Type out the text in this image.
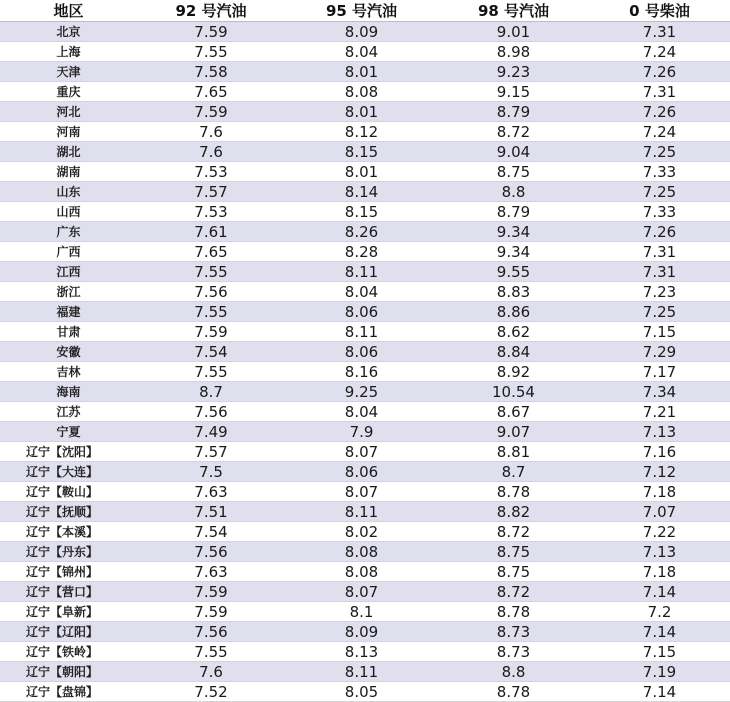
地区	92 号汽油	95 号汽油	98 号汽油	0 号柴油
北京	7.59	8.09	9.01	7.31
上海	7.55	8.04	8.98	7.24
天津	7.58	8.01	9.23	7.26
重庆	7.65	8.08	9.15	7.31
河北	7.59	8.01	8.79	7.26
河南	7.6	8.12	8.72	7.24
湖北	7.6	8.15	9.04	7.25
湖南	7.53	8.01	8.75	7.33
山东	7.57	8.14	8.8	7.25
山西	7.53	8.15	8.79	7.33
广东	7.61	8.26	9.34	7.26
广西	7.65	8.28	9.34	7.31
江西	7.55	8.11	9.55	7.31
浙江	7.56	8.04	8.83	7.23
福建	7.55	8.06	8.86	7.25
甘肃	7.59	8.11	8.62	7.15
安徽	7.54	8.06	8.84	7.29
吉林	7.55	8.16	8.92	7.17
海南	8.7	9.25	10.54	7.34
江苏	7.56	8.04	8.67	7.21
宁夏	7.49	7.9	9.07	7.13
辽宁【沈阳】	7.57	8.07	8.81	7.16
辽宁【大连】	7.5	8.06	8.7	7.12
辽宁【鞍山】	7.63	8.07	8.78	7.18
辽宁【抚顺】	7.51	8.11	8.82	7.07
辽宁【本溪】	7.54	8.02	8.72	7.22
辽宁【丹东】	7.56	8.08	8.75	7.13
辽宁【锦州】	7.63	8.08	8.75	7.18
辽宁【营口】	7.59	8.07	8.72	7.14
辽宁【阜新】	7.59	8.1	8.78	7.2
辽宁【辽阳】	7.56	8.09	8.73	7.14
辽宁【铁岭】	7.55	8.13	8.73	7.15
辽宁【朝阳】	7.6	8.11	8.8	7.19
辽宁【盘锦】	7.52	8.05	8.78	7.14
